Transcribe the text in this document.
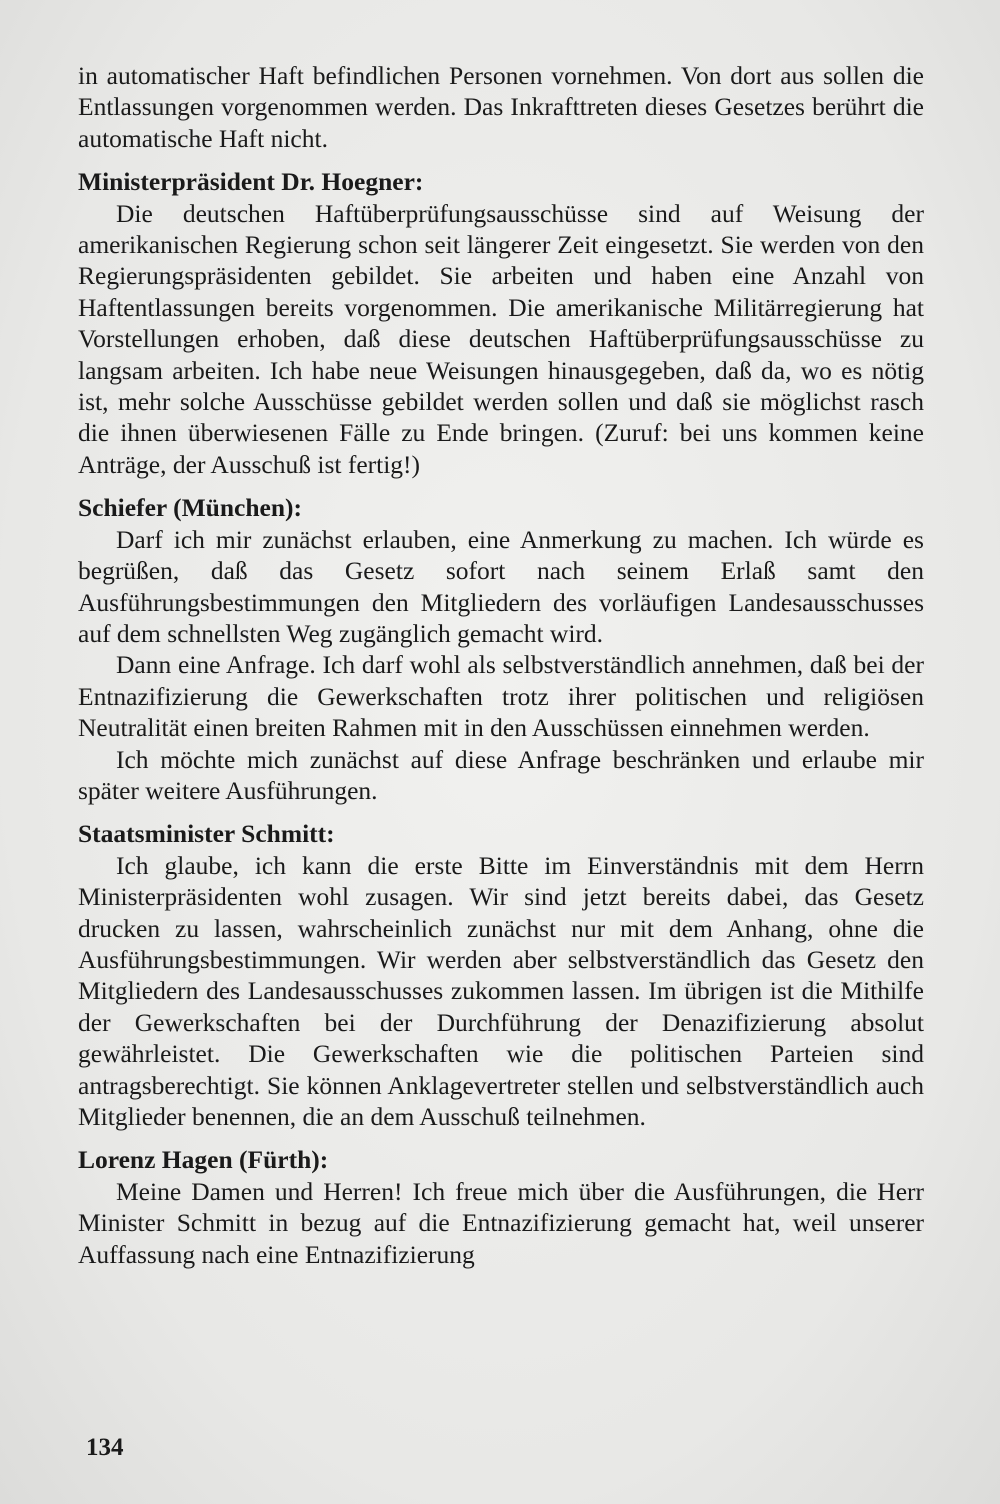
in automatischer Haft befindlichen Personen vornehmen. Von dort aus sollen die Entlassungen vorgenommen werden. Das Inkrafttreten dieses Gesetzes berührt die automatische Haft nicht.

Ministerpräsident Dr. Hoegner:

Die deutschen Haftüberprüfungsausschüsse sind auf Weisung der amerikanischen Regierung schon seit längerer Zeit eingesetzt. Sie werden von den Regierungspräsidenten gebildet. Sie arbeiten und haben eine Anzahl von Haftentlassungen bereits vorgenommen. Die amerikanische Militärregierung hat Vorstellungen erhoben, daß diese deutschen Haftüberprüfungsausschüsse zu langsam arbeiten. Ich habe neue Weisungen hinausgegeben, daß da, wo es nötig ist, mehr solche Ausschüsse gebildet werden sollen und daß sie möglichst rasch die ihnen überwiesenen Fälle zu Ende bringen. (Zuruf: bei uns kommen keine Anträge, der Ausschuß ist fertig!)

Schiefer (München):

Darf ich mir zunächst erlauben, eine Anmerkung zu machen. Ich würde es begrüßen, daß das Gesetz sofort nach seinem Erlaß samt den Ausführungsbestimmungen den Mitgliedern des vorläufigen Landesausschusses auf dem schnellsten Weg zugänglich gemacht wird.

Dann eine Anfrage. Ich darf wohl als selbstverständlich annehmen, daß bei der Entnazifizierung die Gewerkschaften trotz ihrer politischen und religiösen Neutralität einen breiten Rahmen mit in den Ausschüssen einnehmen werden.

Ich möchte mich zunächst auf diese Anfrage beschränken und erlaube mir später weitere Ausführungen.

Staatsminister Schmitt:

Ich glaube, ich kann die erste Bitte im Einverständnis mit dem Herrn Ministerpräsidenten wohl zusagen. Wir sind jetzt bereits dabei, das Gesetz drucken zu lassen, wahrscheinlich zunächst nur mit dem Anhang, ohne die Ausführungsbestimmungen. Wir werden aber selbstverständlich das Gesetz den Mitgliedern des Landesausschusses zukommen lassen. Im übrigen ist die Mithilfe der Gewerkschaften bei der Durchführung der Denazifizierung absolut gewährleistet. Die Gewerkschaften wie die politischen Parteien sind antragsberechtigt. Sie können Anklagevertreter stellen und selbstverständlich auch Mitglieder benennen, die an dem Ausschuß teilnehmen.

Lorenz Hagen (Fürth):

Meine Damen und Herren! Ich freue mich über die Ausführungen, die Herr Minister Schmitt in bezug auf die Entnazifizierung gemacht hat, weil unserer Auffassung nach eine Entnazifizierung

134
